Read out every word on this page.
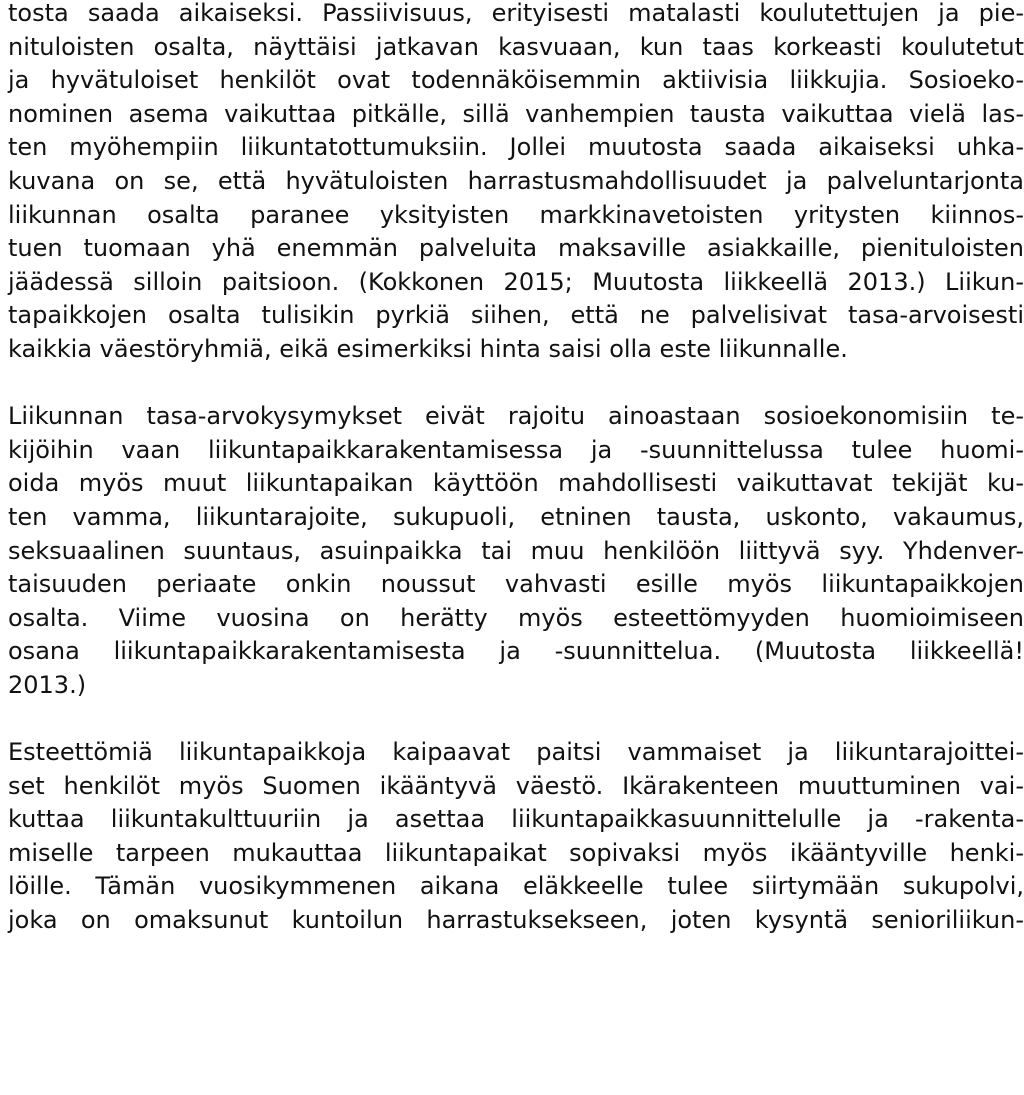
tosta saada aikaiseksi. Passiivisuus, erityisesti matalasti koulutettujen ja pie-
nituloisten osalta, näyttäisi jatkavan kasvuaan, kun taas korkeasti koulutetut
ja hyvätuloiset henkilöt ovat todennäköisemmin aktiivisia liikkujia. Sosioeko-
nominen asema vaikuttaa pitkälle, sillä vanhempien tausta vaikuttaa vielä las-
ten myöhempiin liikuntatottumuksiin. Jollei muutosta saada aikaiseksi uhka-
kuvana on se, että hyvätuloisten harrastusmahdollisuudet ja palveluntarjonta
liikunnan osalta paranee yksityisten markkinavetoisten yritysten kiinnos-
tuen tuomaan yhä enemmän palveluita maksaville asiakkaille, pienituloisten
jäädessä silloin paitsioon. (Kokkonen 2015; Muutosta liikkeellä 2013.) Liikun-
tapaikkojen osalta tulisikin pyrkiä siihen, että ne palvelisivat tasa-arvoisesti
kaikkia väestöryhmiä, eikä esimerkiksi hinta saisi olla este liikunnalle.
Liikunnan tasa-arvokysymykset eivät rajoitu ainoastaan sosioekonomisiin te-
kijöihin vaan liikuntapaikkarakentamisessa ja -suunnittelussa tulee huomi-
oida myös muut liikuntapaikan käyttöön mahdollisesti vaikuttavat tekijät ku-
ten vamma, liikuntarajoite, sukupuoli, etninen tausta, uskonto, vakaumus,
seksuaalinen suuntaus, asuinpaikka tai muu henkilöön liittyvä syy. Yhdenver-
taisuuden periaate onkin noussut vahvasti esille myös liikuntapaikkojen
osalta. Viime vuosina on herätty myös esteettömyyden huomioimiseen
osana liikuntapaikkarakentamisesta ja -suunnittelua. (Muutosta liikkeellä!
2013.)
Esteettömiä liikuntapaikkoja kaipaavat paitsi vammaiset ja liikuntarajoittei-
set henkilöt myös Suomen ikääntyvä väestö. Ikärakenteen muuttuminen vai-
kuttaa liikuntakulttuuriin ja asettaa liikuntapaikkasuunnittelulle ja -rakenta-
miselle tarpeen mukauttaa liikuntapaikat sopivaksi myös ikääntyville henki-
löille. Tämän vuosikymmenen aikana eläkkeelle tulee siirtymään sukupolvi,
joka on omaksunut kuntoilun harrastuksekseen, joten kysyntä senioriliikun-
